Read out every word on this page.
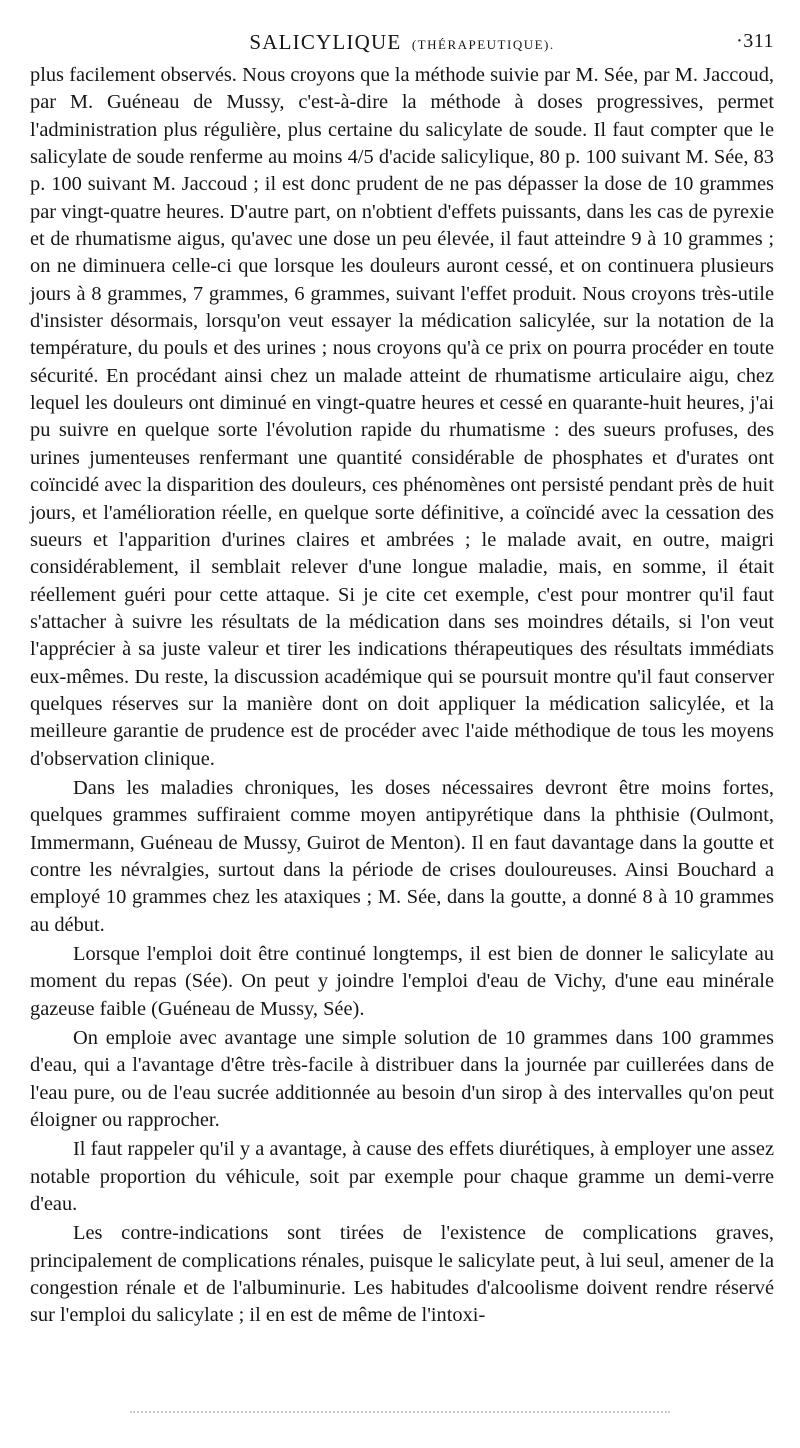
SALICYLIQUE (THÉRAPEUTIQUE).	·311

plus facilement observés. Nous croyons que la méthode suivie par M. Sée, par M. Jaccoud, par M. Guéneau de Mussy, c'est-à-dire la méthode à doses progressives, permet l'administration plus régulière, plus certaine du salicylate de soude. Il faut compter que le salicylate de soude renferme au moins 4/5 d'acide salicylique, 80 p. 100 suivant M. Sée, 83 p. 100 suivant M. Jaccoud ; il est donc prudent de ne pas dépasser la dose de 10 grammes par vingt-quatre heures. D'autre part, on n'obtient d'effets puissants, dans les cas de pyrexie et de rhumatisme aigus, qu'avec une dose un peu élevée, il faut atteindre 9 à 10 grammes ; on ne diminuera celle-ci que lorsque les douleurs auront cessé, et on continuera plusieurs jours à 8 grammes, 7 grammes, 6 grammes, suivant l'effet produit. Nous croyons très-utile d'insister désormais, lorsqu'on veut essayer la médication salicylée, sur la notation de la température, du pouls et des urines ; nous croyons qu'à ce prix on pourra procéder en toute sécurité. En procédant ainsi chez un malade atteint de rhumatisme articulaire aigu, chez lequel les douleurs ont diminué en vingt-quatre heures et cessé en quarante-huit heures, j'ai pu suivre en quelque sorte l'évolution rapide du rhumatisme : des sueurs profuses, des urines jumenteuses renfermant une quantité considérable de phosphates et d'urates ont coïncidé avec la disparition des douleurs, ces phénomènes ont persisté pendant près de huit jours, et l'amélioration réelle, en quelque sorte définitive, a coïncidé avec la cessation des sueurs et l'apparition d'urines claires et ambrées ; le malade avait, en outre, maigri considérablement, il semblait relever d'une longue maladie, mais, en somme, il était réellement guéri pour cette attaque. Si je cite cet exemple, c'est pour montrer qu'il faut s'attacher à suivre les résultats de la médication dans ses moindres détails, si l'on veut l'apprécier à sa juste valeur et tirer les indications thérapeutiques des résultats immédiats eux-mêmes. Du reste, la discussion académique qui se poursuit montre qu'il faut conserver quelques réserves sur la manière dont on doit appliquer la médication salicylée, et la meilleure garantie de prudence est de procéder avec l'aide méthodique de tous les moyens d'observation clinique.

Dans les maladies chroniques, les doses nécessaires devront être moins fortes, quelques grammes suffiraient comme moyen antipyrétique dans la phthisie (Oulmont, Immermann, Guéneau de Mussy, Guirot de Menton). Il en faut davantage dans la goutte et contre les névralgies, surtout dans la période de crises douloureuses. Ainsi Bouchard a employé 10 grammes chez les ataxiques ; M. Sée, dans la goutte, a donné 8 à 10 grammes au début.

Lorsque l'emploi doit être continué longtemps, il est bien de donner le salicylate au moment du repas (Sée). On peut y joindre l'emploi d'eau de Vichy, d'une eau minérale gazeuse faible (Guéneau de Mussy, Sée).

On emploie avec avantage une simple solution de 10 grammes dans 100 grammes d'eau, qui a l'avantage d'être très-facile à distribuer dans la journée par cuillerées dans de l'eau pure, ou de l'eau sucrée additionnée au besoin d'un sirop à des intervalles qu'on peut éloigner ou rapprocher.

Il faut rappeler qu'il y a avantage, à cause des effets diurétiques, à employer une assez notable proportion du véhicule, soit par exemple pour chaque gramme un demi-verre d'eau.

Les contre-indications sont tirées de l'existence de complications graves, principalement de complications rénales, puisque le salicylate peut, à lui seul, amener de la congestion rénale et de l'albuminurie. Les habitudes d'alcoolisme doivent rendre réservé sur l'emploi du salicylate ; il en est de même de l'intoxi-
